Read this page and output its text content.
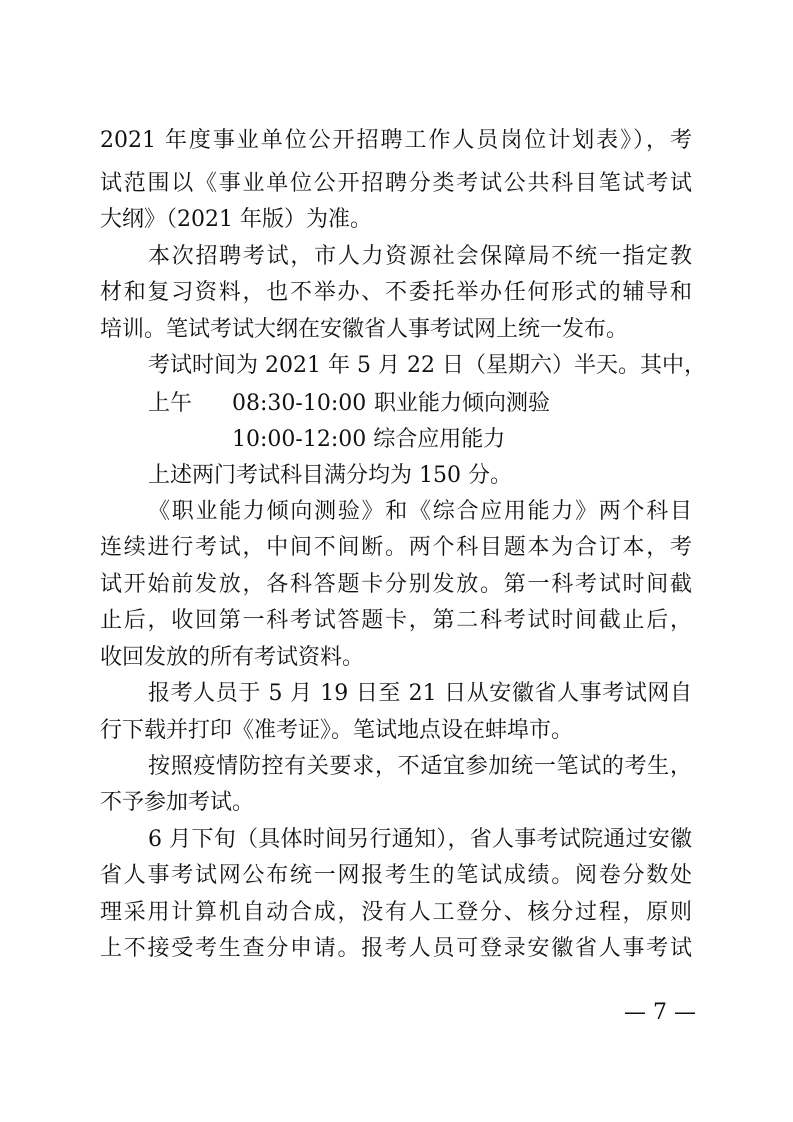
2021 年度事业单位公开招聘工作人员岗位计划表》），考
试范围以《事业单位公开招聘分类考试公共科目笔试考试
大纲》（2021 年版）为准。
本次招聘考试，市人力资源社会保障局不统一指定教
材和复习资料，也不举办、不委托举办任何形式的辅导和
培训。笔试考试大纲在安徽省人事考试网上统一发布。
考试时间为 2021 年 5 月 22 日（星期六）半天。其中，
上午 08:30-10:00 职业能力倾向测验
10:00-12:00 综合应用能力
上述两门考试科目满分均为 150 分。
《职业能力倾向测验》和《综合应用能力》两个科目
连续进行考试，中间不间断。两个科目题本为合订本，考
试开始前发放，各科答题卡分别发放。第一科考试时间截
止后，收回第一科考试答题卡，第二科考试时间截止后，
收回发放的所有考试资料。
报考人员于 5 月 19 日至 21 日从安徽省人事考试网自
行下载并打印《准考证》。笔试地点设在蚌埠市。
按照疫情防控有关要求，不适宜参加统一笔试的考生，
不予参加考试。
6 月下旬（具体时间另行通知），省人事考试院通过安徽
省人事考试网公布统一网报考生的笔试成绩。阅卷分数处
理采用计算机自动合成，没有人工登分、核分过程，原则
上不接受考生查分申请。报考人员可登录安徽省人事考试
— 7 —
